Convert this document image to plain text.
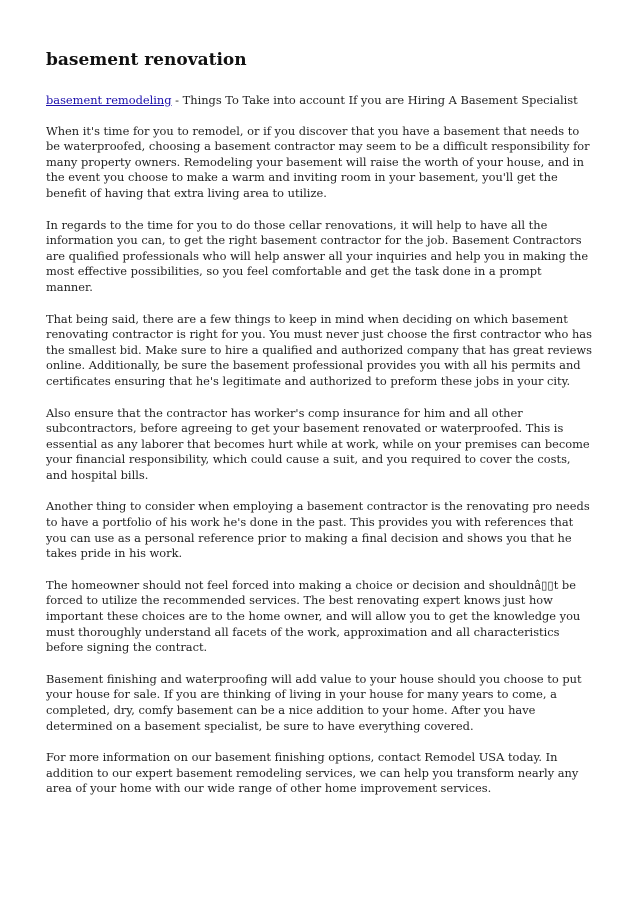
basement renovation

basement remodeling - Things To Take into account If you are Hiring A Basement Specialist

When it's time for you to remodel, or if you discover that you have a basement that needs to be waterproofed, choosing a basement contractor may seem to be a difficult responsibility for many property owners. Remodeling your basement will raise the worth of your house, and in the event you choose to make a warm and inviting room in your basement, you'll get the benefit of having that extra living area to utilize.

In regards to the time for you to do those cellar renovations, it will help to have all the information you can, to get the right basement contractor for the job. Basement Contractors are qualified professionals who will help answer all your inquiries and help you in making the most effective possibilities, so you feel comfortable and get the task done in a prompt manner.

That being said, there are a few things to keep in mind when deciding on which basement renovating contractor is right for you. You must never just choose the first contractor who has the smallest bid. Make sure to hire a qualified and authorized company that has great reviews online. Additionally, be sure the basement professional provides you with all his permits and certificates ensuring that he's legitimate and authorized to preform these jobs in your city.

Also ensure that the contractor has worker's comp insurance for him and all other subcontractors, before agreeing to get your basement renovated or waterproofed. This is essential as any laborer that becomes hurt while at work, while on your premises can become your financial responsibility, which could cause a suit, and you required to cover the costs, and hospital bills.

Another thing to consider when employing a basement contractor is the renovating pro needs to have a portfolio of his work he's done in the past. This provides you with references that you can use as a personal reference prior to making a final decision and shows you that he takes pride in his work.

The homeowner should not feel forced into making a choice or decision and shouldnâ▯▯t be forced to utilize the recommended services. The best renovating expert knows just how important these choices are to the home owner, and will allow you to get the knowledge you must thoroughly understand all facets of the work, approximation and all characteristics before signing the contract.

Basement finishing and waterproofing will add value to your house should you choose to put your house for sale. If you are thinking of living in your house for many years to come, a completed, dry, comfy basement can be a nice addition to your home. After you have determined on a basement specialist, be sure to have everything covered.

For more information on our basement finishing options, contact Remodel USA today. In addition to our expert basement remodeling services, we can help you transform nearly any area of your home with our wide range of other home improvement services.
